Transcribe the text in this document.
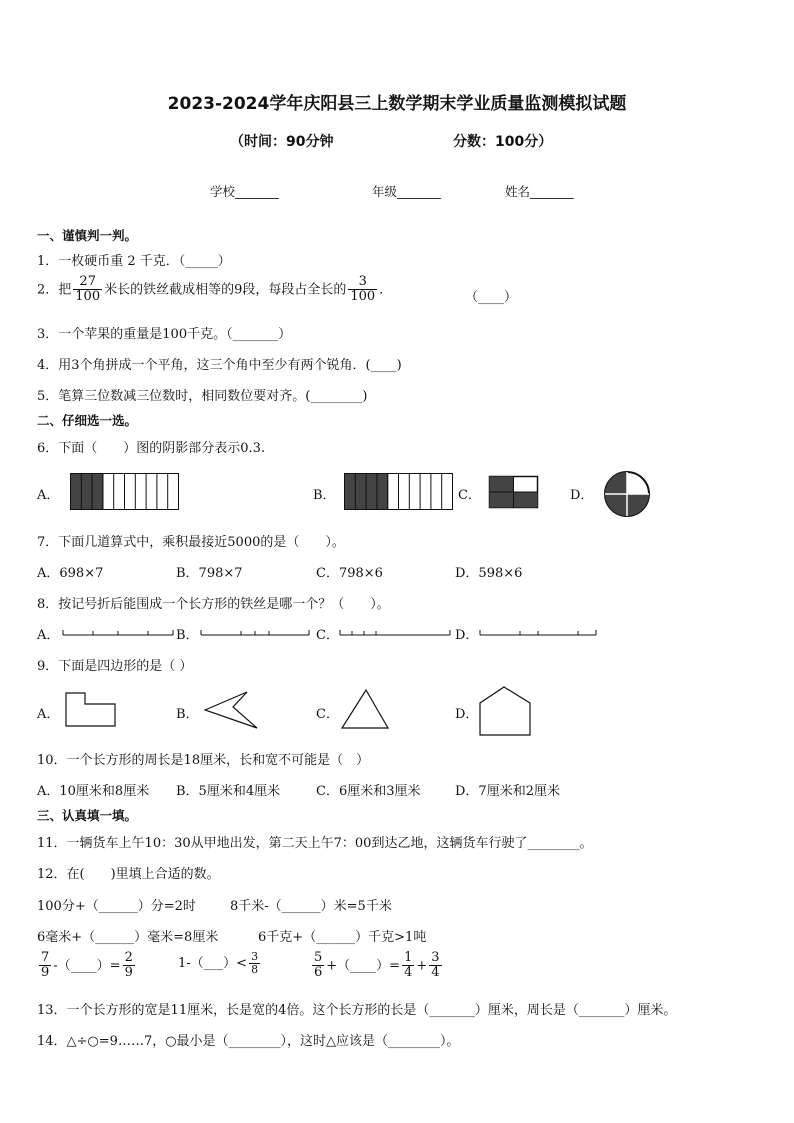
2023-2024学年庆阳县三上数学期末学业质量监测模拟试题
（时间：90分钟	分数：100分）
学校_______	年级_______	姓名_______
一、谨慎判一判。
1．一枚硬币重 2 千克．（_____）
2．把 $\frac{27}{100}$ 米长的铁丝截成相等的9段，每段占全长的 $\frac{3}{100}$ ．
（____）
3．一个苹果的重量是100千克。（_______）
4．用3个角拼成一个平角，这三个角中至少有两个锐角．(____)
5．笔算三位数减三位数时，相同数位要对齐。(________)
二、仔细选一选。
6．下面（　　）图的阴影部分表示0.3.
A．	B．	C．	D．
7．下面几道算式中，乘积最接近5000的是（　　）。
A．698×7	B．798×7	C．798×6	D．598×6
8．按记号折后能围成一个长方形的铁丝是哪一个？（　　）。
A．	B．	C．	D．
9．下面是四边形的是（ ）
A．	B．	C．	D．
10．一个长方形的周长是18厘米，长和宽不可能是（　）
A．10厘米和8厘米 B．5厘米和4厘米	C．6厘米和3厘米	D．7厘米和2厘米
三、认真填一填。
11．一辆货车上午10：30从甲地出发，第二天上午7：00到达乙地，这辆货车行驶了________。
12．在(　　)里填上合适的数。
100分+（______）分=2时	8千米-（______）米=5千米
6毫米+（______）毫米=8厘米	6千克+（______）千克>1吨
$\frac{7}{9}$ -（____）= $\frac{2}{9}$	1-（___）< $\frac{3}{8}$	$\frac{5}{6}$ +（____）= $\frac{1}{4} + \frac{3}{4}$
13．一个长方形的宽是11厘米，长是宽的4倍。这个长方形的长是（_______）厘米，周长是（_______）厘米。
14．△÷○=9……7，○最小是（________），这时△应该是（________）。
